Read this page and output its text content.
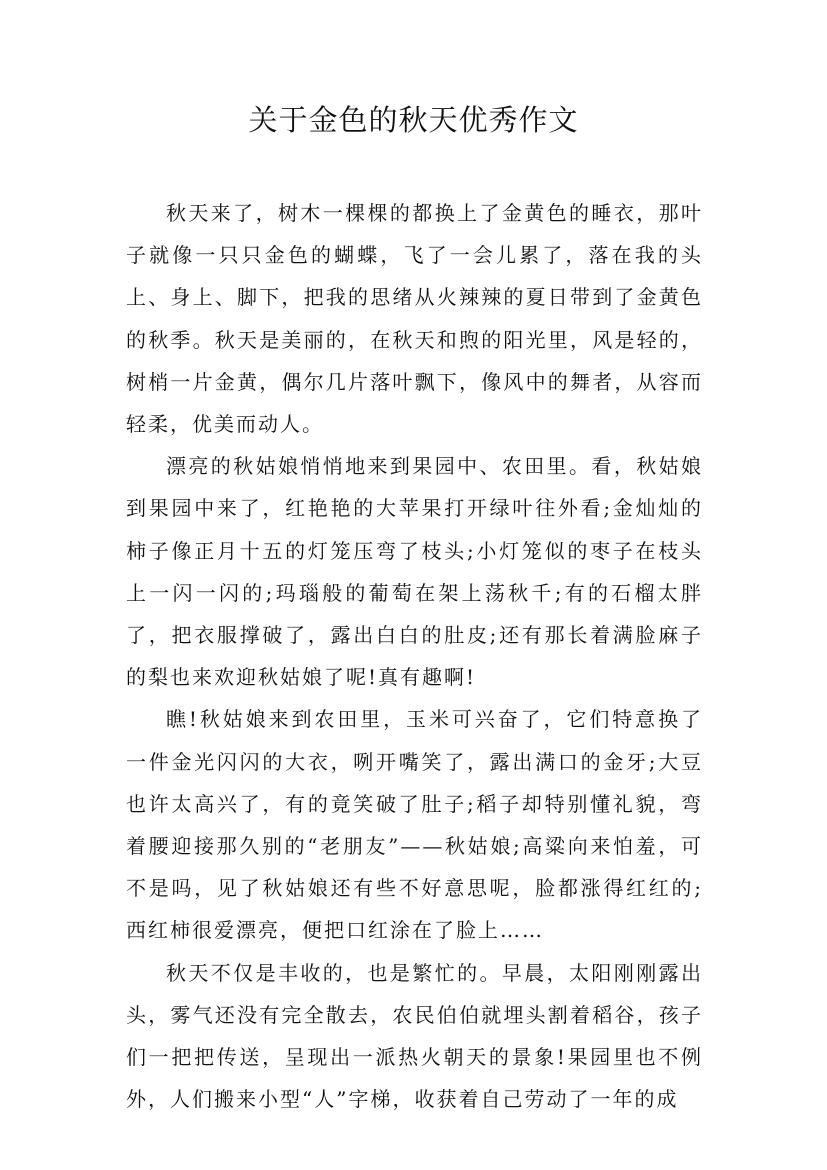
关于金色的秋天优秀作文

秋天来了，树木一棵棵的都换上了金黄色的睡衣，那叶子就像一只只金色的蝴蝶，飞了一会儿累了，落在我的头上、身上、脚下，把我的思绪从火辣辣的夏日带到了金黄色的秋季。秋天是美丽的，在秋天和煦的阳光里，风是轻的，树梢一片金黄，偶尔几片落叶飘下，像风中的舞者，从容而轻柔，优美而动人。

漂亮的秋姑娘悄悄地来到果园中、农田里。看，秋姑娘到果园中来了，红艳艳的大苹果打开绿叶往外看;金灿灿的柿子像正月十五的灯笼压弯了枝头;小灯笼似的枣子在枝头上一闪一闪的;玛瑙般的葡萄在架上荡秋千;有的石榴太胖了，把衣服撑破了，露出白白的肚皮;还有那长着满脸麻子的梨也来欢迎秋姑娘了呢!真有趣啊!

瞧!秋姑娘来到农田里，玉米可兴奋了，它们特意换了一件金光闪闪的大衣，咧开嘴笑了，露出满口的金牙;大豆也许太高兴了，有的竟笑破了肚子;稻子却特别懂礼貌，弯着腰迎接那久别的“老朋友”——秋姑娘;高粱向来怕羞，可不是吗，见了秋姑娘还有些不好意思呢，脸都涨得红红的;西红柿很爱漂亮，便把口红涂在了脸上……

秋天不仅是丰收的，也是繁忙的。早晨，太阳刚刚露出头，雾气还没有完全散去，农民伯伯就埋头割着稻谷，孩子们一把把传送，呈现出一派热火朝天的景象!果园里也不例外，人们搬来小型“人”字梯，收获着自己劳动了一年的成
